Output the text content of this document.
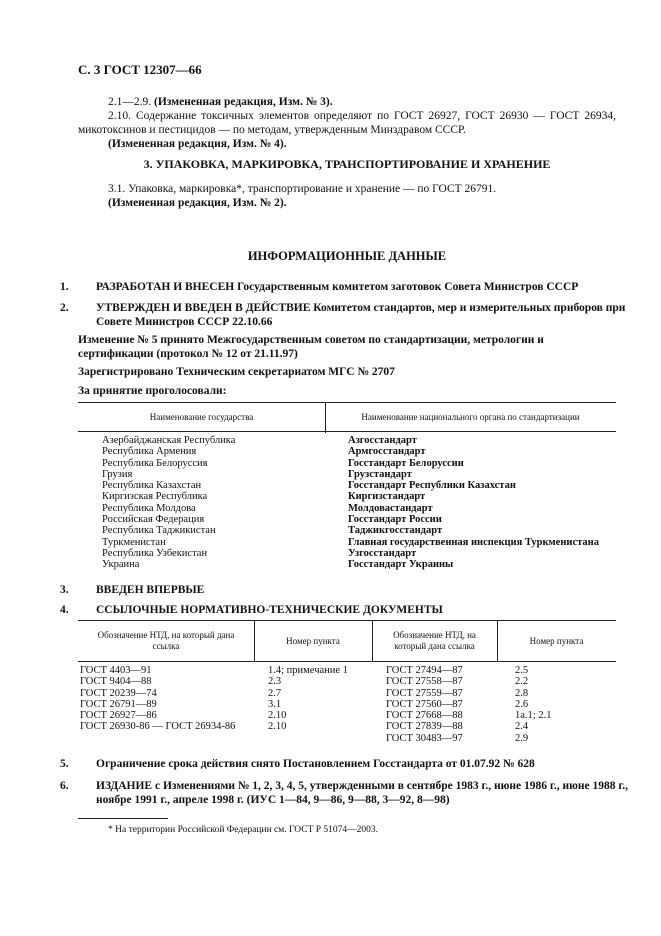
С. 3 ГОСТ 12307—66
2.1—2.9. (Измененная редакция, Изм. № 3).
2.10. Содержание токсичных элементов определяют по ГОСТ 26927, ГОСТ 26930 — ГОСТ 26934, микотоксинов и пестицидов — по методам, утвержденным Минздравом СССР.
(Измененная редакция, Изм. № 4).
3. УПАКОВКА, МАРКИРОВКА, ТРАНСПОРТИРОВАНИЕ И ХРАНЕНИЕ
3.1. Упаковка, маркировка*, транспортирование и хранение — по ГОСТ 26791.
(Измененная редакция, Изм. № 2).
ИНФОРМАЦИОННЫЕ ДАННЫЕ
1. РАЗРАБОТАН И ВНЕСЕН Государственным комитетом заготовок Совета Министров СССР
2. УТВЕРЖДЕН И ВВЕДЕН В ДЕЙСТВИЕ Комитетом стандартов, мер и измерительных приборов при Совете Министров СССР 22.10.66
Изменение № 5 принято Межгосударственным советом по стандартизации, метрологии и сертификации (протокол № 12 от 21.11.97)
Зарегистрировано Техническим секретариатом МГС № 2707
За принятие проголосовали:
Наименование государства	Наименование национального органа по стандартизации
Азербайджанская Республика
Республика Армения
Республика Белоруссия
Грузия
Республика Казахстан
Киргизская Республика
Республика Молдова
Российская Федерация
Республика Таджикистан
Туркменистан
Республика Узбекистан
Украина
Азгосстандарт
Армгосстандарт
Госстандарт Белоруссии
Грузстандарт
Госстандарт Республики Казахстан
Киргизстандарт
Молдовастандарт
Госстандарт России
Таджикгосстандарт
Главная государственная инспекция Туркменистана
Узгосстандарт
Госстандарт Украины
3. ВВЕДЕН ВПЕРВЫЕ
4. ССЫЛОЧНЫЕ НОРМАТИВНО-ТЕХНИЧЕСКИЕ ДОКУМЕНТЫ
Обозначение НТД, на который дана ссылка
Номер пункта
Обозначение НТД, на который дана ссылка
Номер пункта
ГОСТ 4403—91
ГОСТ 9404—88
ГОСТ 20239—74
ГОСТ 26791—89
ГОСТ 26927—86
ГОСТ 26930-86 — ГОСТ 26934-86
1.4; примечание 1
2.3
2.7
3.1
2.10
2.10
ГОСТ 27494—87
ГОСТ 27558—87
ГОСТ 27559—87
ГОСТ 27560—87
ГОСТ 27668—88
ГОСТ 27839—88
ГОСТ 30483—97
2.5
2.2
2.8
2.6
1а.1; 2.1
2.4
2.9
5. Ограничение срока действия снято Постановлением Госстандарта от 01.07.92 № 628
6. ИЗДАНИЕ с Изменениями № 1, 2, 3, 4, 5, утвержденными в сентябре 1983 г., июне 1986 г., июне 1988 г., ноябре 1991 г., апреле 1998 г. (ИУС 1—84, 9—86, 9—88, 3—92, 8—98)
* На территории Российской Федерации см. ГОСТ Р 51074—2003.
